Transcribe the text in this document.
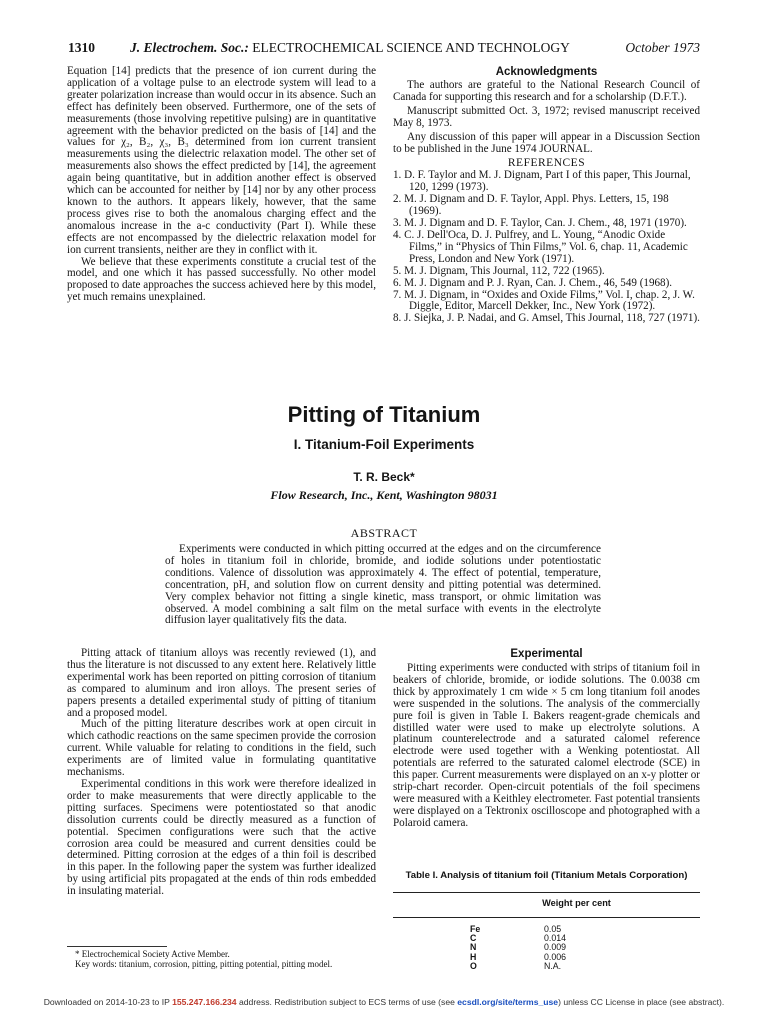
1310	J. Electrochem. Soc.: ELECTROCHEMICAL SCIENCE AND TECHNOLOGY	October 1973

Equation [14] predicts that the presence of ion current during the application of a voltage pulse to an electrode system will lead to a greater polarization increase than would occur in its absence. Such an effect has definitely been observed. Furthermore, one of the sets of measurements (those involving repetitive pulsing) are in quantitative agreement with the behavior predicted on the basis of [14] and the values for χ₂, B₂, χ₃, B₃ determined from ion current transient measurements using the dielectric relaxation model. The other set of measurements also shows the effect predicted by [14], the agreement again being quantitative, but in addition another effect is observed which can be accounted for neither by [14] nor by any other process known to the authors. It appears likely, however, that the same process gives rise to both the anomalous charging effect and the anomalous increase in the a-c conductivity (Part I). While these effects are not encompassed by the dielectric relaxation model for ion current transients, neither are they in conflict with it.

We believe that these experiments constitute a crucial test of the model, and one which it has passed successfully. No other model proposed to date approaches the success achieved here by this model, yet much remains unexplained.

Acknowledgments

The authors are grateful to the National Research Council of Canada for supporting this research and for a scholarship (D.F.T.).

Manuscript submitted Oct. 3, 1972; revised manuscript received May 8, 1973.

Any discussion of this paper will appear in a Discussion Section to be published in the June 1974 JOURNAL.

REFERENCES

1. D. F. Taylor and M. J. Dignam, Part I of this paper, This Journal, 120, 1299 (1973).

2. M. J. Dignam and D. F. Taylor, Appl. Phys. Letters, 15, 198 (1969).

3. M. J. Dignam and D. F. Taylor, Can. J. Chem., 48, 1971 (1970).

4. C. J. Dell'Oca, D. J. Pulfrey, and L. Young, “Anodic Oxide Films,” in “Physics of Thin Films,” Vol. 6, chap. 11, Academic Press, London and New York (1971).

5. M. J. Dignam, This Journal, 112, 722 (1965).

6. M. J. Dignam and P. J. Ryan, Can. J. Chem., 46, 549 (1968).

7. M. J. Dignam, in “Oxides and Oxide Films,” Vol. I, chap. 2, J. W. Diggle, Editor, Marcell Dekker, Inc., New York (1972).

8. J. Siejka, J. P. Nadai, and G. Amsel, This Journal, 118, 727 (1971).

Pitting of Titanium
I. Titanium-Foil Experiments
T. R. Beck*
Flow Research, Inc., Kent, Washington 98031
ABSTRACT

Experiments were conducted in which pitting occurred at the edges and on the circumference of holes in titanium foil in chloride, bromide, and iodide solutions under potentiostatic conditions. Valence of dissolution was approximately 4. The effect of potential, temperature, concentration, pH, and solution flow on current density and pitting potential was determined. Very complex behavior not fitting a single kinetic, mass transport, or ohmic limitation was observed. A model combining a salt film on the metal surface with events in the electrolyte diffusion layer qualitatively fits the data.

Pitting attack of titanium alloys was recently reviewed (1), and thus the literature is not discussed to any extent here. Relatively little experimental work has been reported on pitting corrosion of titanium as compared to aluminum and iron alloys. The present series of papers presents a detailed experimental study of pitting of titanium and a proposed model.

Much of the pitting literature describes work at open circuit in which cathodic reactions on the same specimen provide the corrosion current. While valuable for relating to conditions in the field, such experiments are of limited value in formulating quantitative mechanisms.

Experimental conditions in this work were therefore idealized in order to make measurements that were directly applicable to the pitting surfaces. Specimens were potentiostated so that anodic dissolution currents could be directly measured as a function of potential. Specimen configurations were such that the active corrosion area could be measured and current densities could be determined. Pitting corrosion at the edges of a thin foil is described in this paper. In the following paper the system was further idealized by using artificial pits propagated at the ends of thin rods embedded in insulating material.

* Electrochemical Society Active Member.

Key words: titanium, corrosion, pitting, pitting potential, pitting model.

Experimental

Pitting experiments were conducted with strips of titanium foil in beakers of chloride, bromide, or iodide solutions. The 0.0038 cm thick by approximately 1 cm wide × 5 cm long titanium foil anodes were suspended in the solutions. The analysis of the commercially pure foil is given in Table I. Bakers reagent-grade chemicals and distilled water were used to make up electrolyte solutions. A platinum counterelectrode and a saturated calomel reference electrode were used together with a Wenking potentiostat. All potentials are referred to the saturated calomel electrode (SCE) in this paper. Current measurements were displayed on an x-y plotter or strip-chart recorder. Open-circuit potentials of the foil specimens were measured with a Keithley electrometer. Fast potential transients were displayed on a Tektronix oscilloscope and photographed with a Polaroid camera.

Table I. Analysis of titanium foil (Titanium Metals Corporation)
Weight per cent
Fe	0.05
C	0.014
N	0.009
H	0.006
O	N.A.
Downloaded on 2014-10-23 to IP 155.247.166.234 address. Redistribution subject to ECS terms of use (see ecsdl.org/site/terms_use) unless CC License in place (see abstract).
